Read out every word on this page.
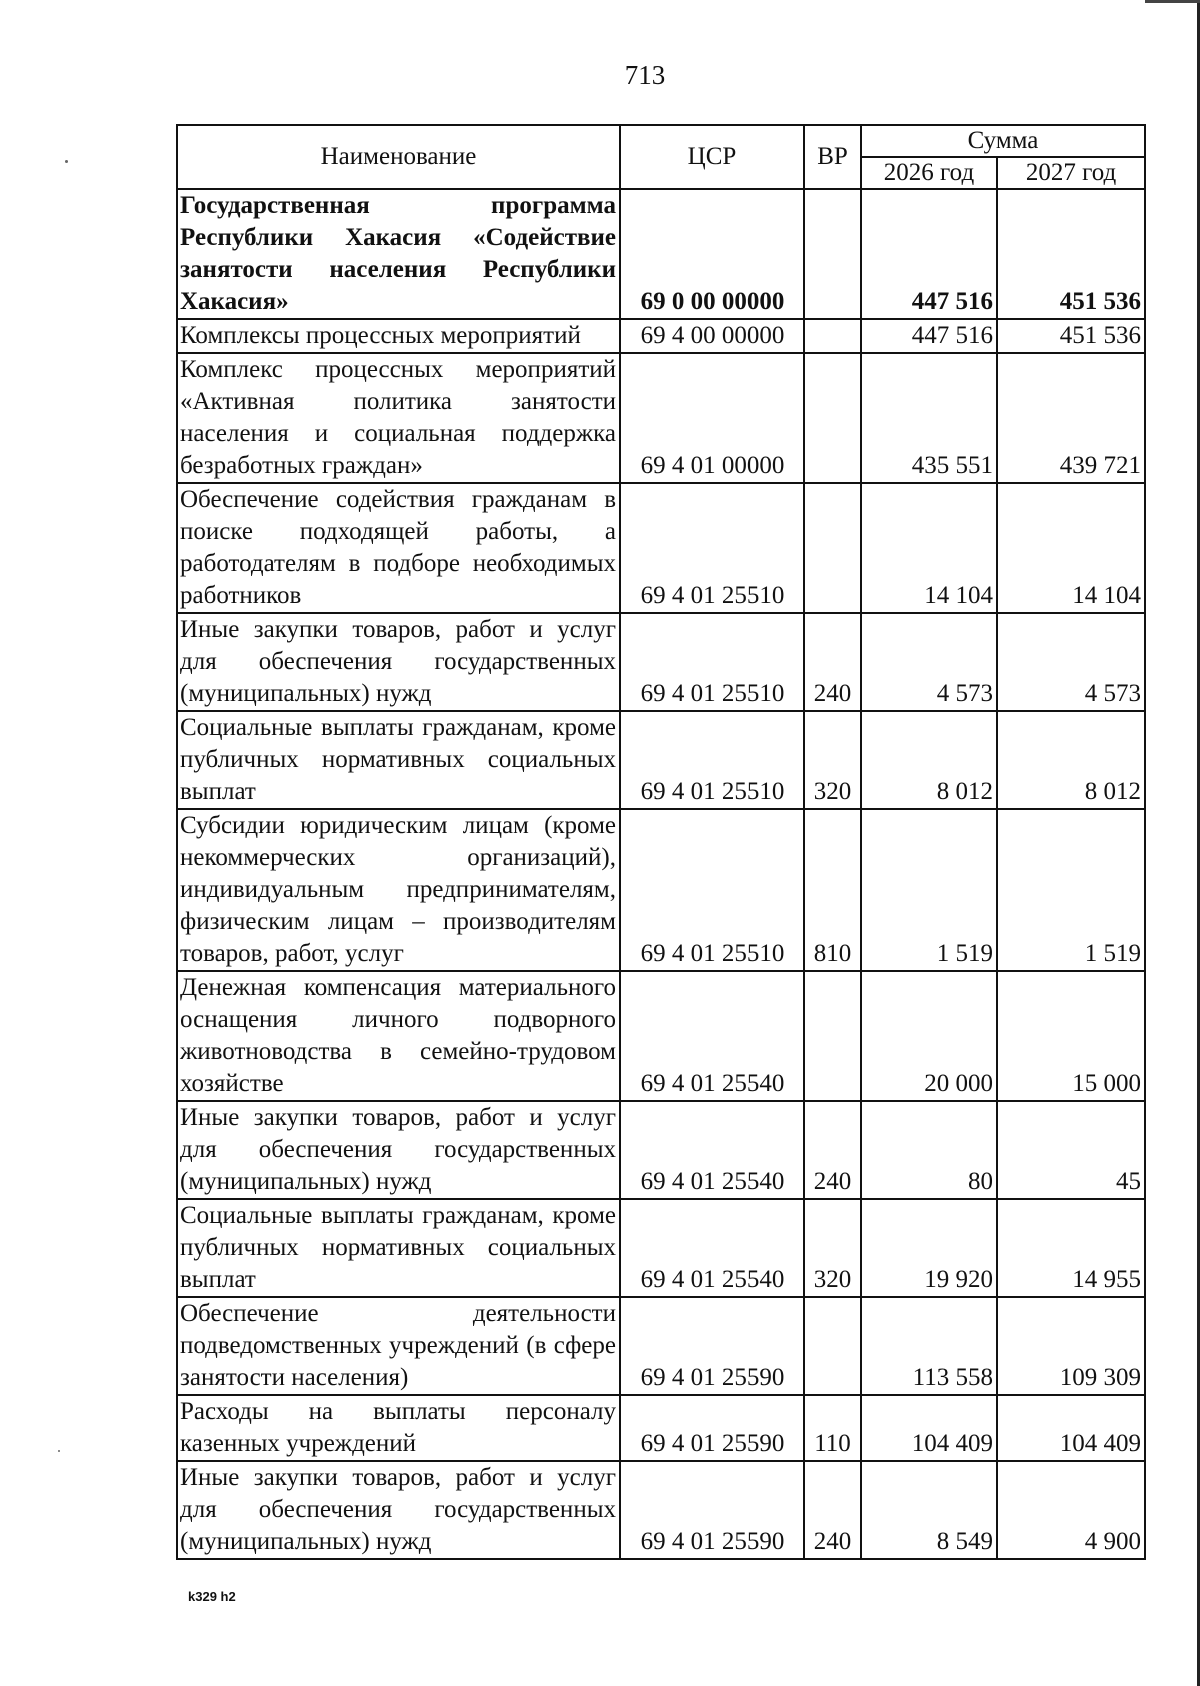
713
Наименование	ЦСР	ВР	Сумма	
			2026 год	2027 год
Государственная программа Республики Хакасия «Содействие занятости населения Республики Хакасия»	69 0 00 00000		447 516	451 536
Комплексы процессных мероприятий	69 4 00 00000		447 516	451 536
Комплекс процессных мероприятий «Активная политика занятости населения и социальная поддержка безработных граждан»	69 4 01 00000		435 551	439 721
Обеспечение содействия гражданам в поиске подходящей работы, а работодателям в подборе необходимых работников	69 4 01 25510		14 104	14 104
Иные закупки товаров, работ и услуг для обеспечения государственных (муниципальных) нужд	69 4 01 25510	240	4 573	4 573
Социальные выплаты гражданам, кроме публичных нормативных социальных выплат	69 4 01 25510	320	8 012	8 012
Субсидии юридическим лицам (кроме некоммерческих организаций), индивидуальным предпринимателям, физическим лицам – производителям товаров, работ, услуг	69 4 01 25510	810	1 519	1 519
Денежная компенсация материального оснащения личного подворного животноводства в семейно-трудовом хозяйстве	69 4 01 25540		20 000	15 000
Иные закупки товаров, работ и услуг для обеспечения государственных (муниципальных) нужд	69 4 01 25540	240	80	45
Социальные выплаты гражданам, кроме публичных нормативных социальных выплат	69 4 01 25540	320	19 920	14 955
Обеспечение деятельности подведомственных учреждений (в сфере занятости населения)	69 4 01 25590		113 558	109 309
Расходы на выплаты персоналу казенных учреждений	69 4 01 25590	110	104 409	104 409
Иные закупки товаров, работ и услуг для обеспечения государственных (муниципальных) нужд	69 4 01 25590	240	8 549	4 900
k329 h2
